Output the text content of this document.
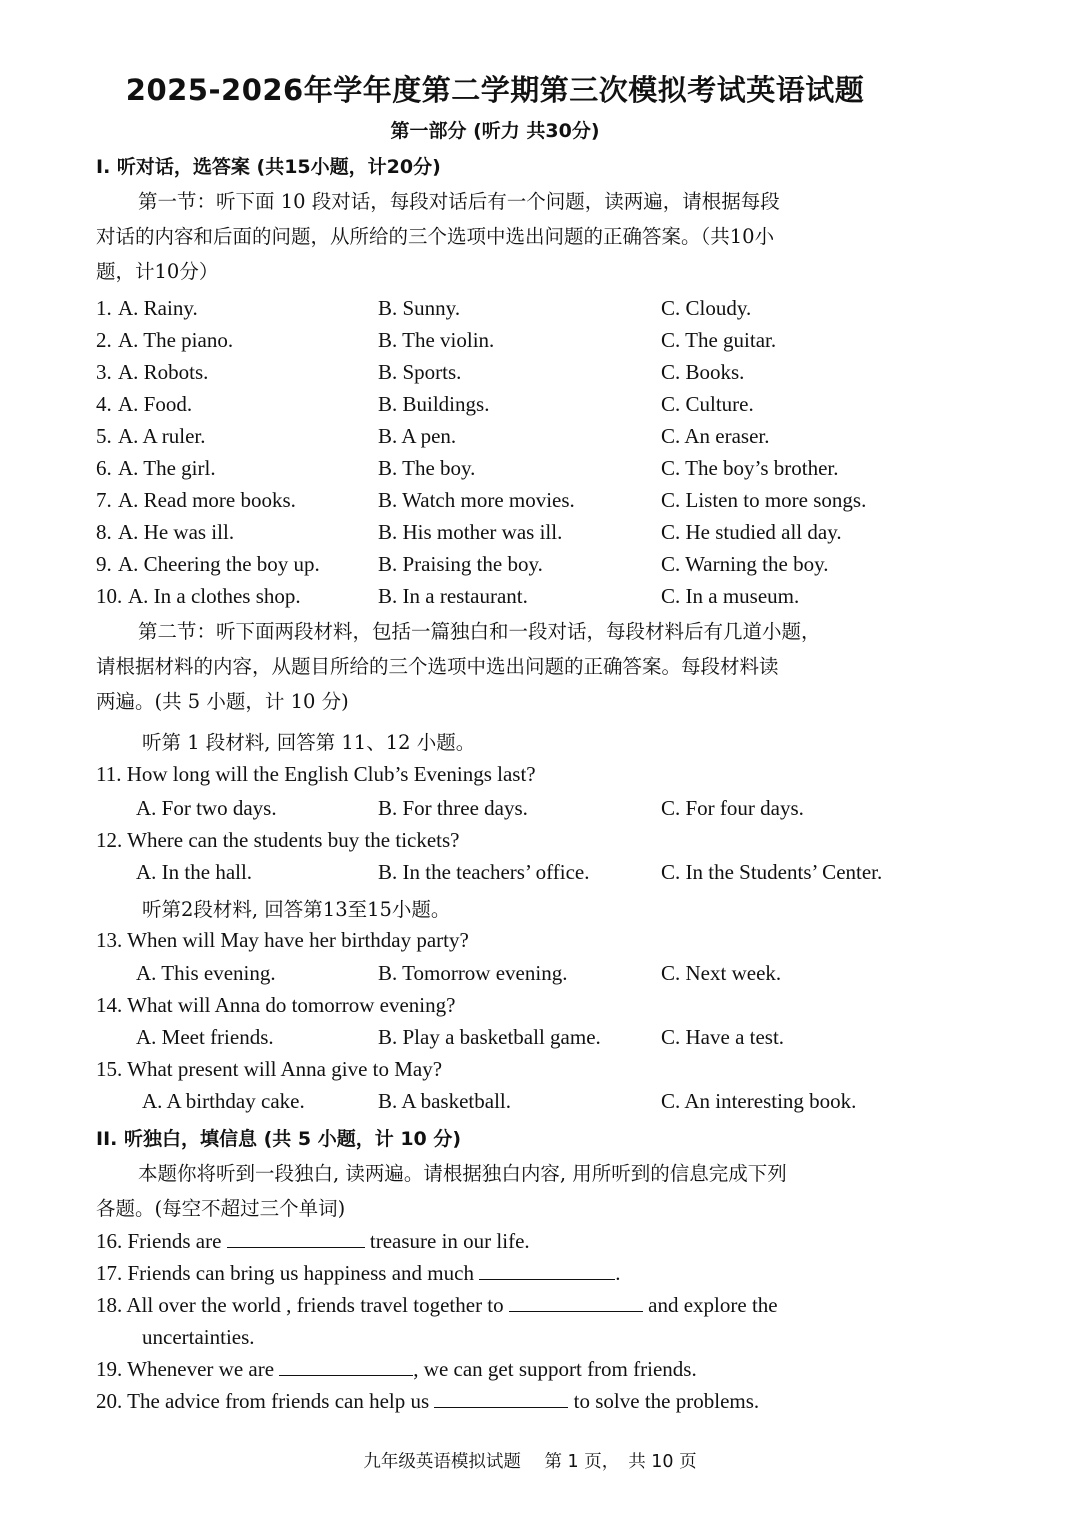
2025-2026年学年度第二学期第三次模拟考试英语试题
第一部分 (听力 共30分)
I. 听对话，选答案 (共15小题，计20分)
第一节：听下面 10 段对话，每段对话后有一个问题，读两遍，请根据每段
对话的内容和后面的问题，从所给的三个选项中选出问题的正确答案。（共10小
题，计10分）
1. A. Rainy.	B. Sunny.	C. Cloudy.
2. A. The piano.	B. The violin.	C. The guitar.
3. A. Robots.	B. Sports.	C. Books.
4. A. Food.	B. Buildings.	C. Culture.
5. A. A ruler.	B. A pen.	C. An eraser.
6. A. The girl.	B. The boy.	C. The boy’s brother.
7. A. Read more books.	B. Watch more movies.	C. Listen to more songs.
8. A. He was ill.	B. His mother was ill.	C. He studied all day.
9. A. Cheering the boy up.	B. Praising the boy.	C. Warning the boy.
10. A. In a clothes shop.	B. In a restaurant.	C. In a museum.
第二节：听下面两段材料，包括一篇独白和一段对话，每段材料后有几道小题，
请根据材料的内容，从题目所给的三个选项中选出问题的正确答案。每段材料读
两遍。(共 5 小题，计 10 分)
听第 1 段材料, 回答第 11、12 小题。
11. How long will the English Club’s Evenings last?
A. For two days.	B. For three days.	C. For four days.
12. Where can the students buy the tickets?
A. In the hall.	B. In the teachers’ office.	C. In the Students’ Center.
听第2段材料, 回答第13至15小题。
13. When will May have her birthday party?
A. This evening.	B. Tomorrow evening.	C. Next week.
14. What will Anna do tomorrow evening?
A. Meet friends.	B. Play a basketball game.	C. Have a test.
15. What present will Anna give to May?
A. A birthday cake.	B. A basketball.	C. An interesting book.
II. 听独白，填信息 (共 5 小题，计 10 分)
本题你将听到一段独白, 读两遍。请根据独白内容, 用所听到的信息完成下列
各题。(每空不超过三个单词)
16. Friends are	treasure in our life.
17. Friends can bring us happiness and much	.
18. All over the world , friends travel together to	and explore the
uncertainties.
19. Whenever we are	, we can get support from friends.
20. The advice from friends can help us	to solve the problems.
九年级英语模拟试题 第 1 页， 共 10 页
